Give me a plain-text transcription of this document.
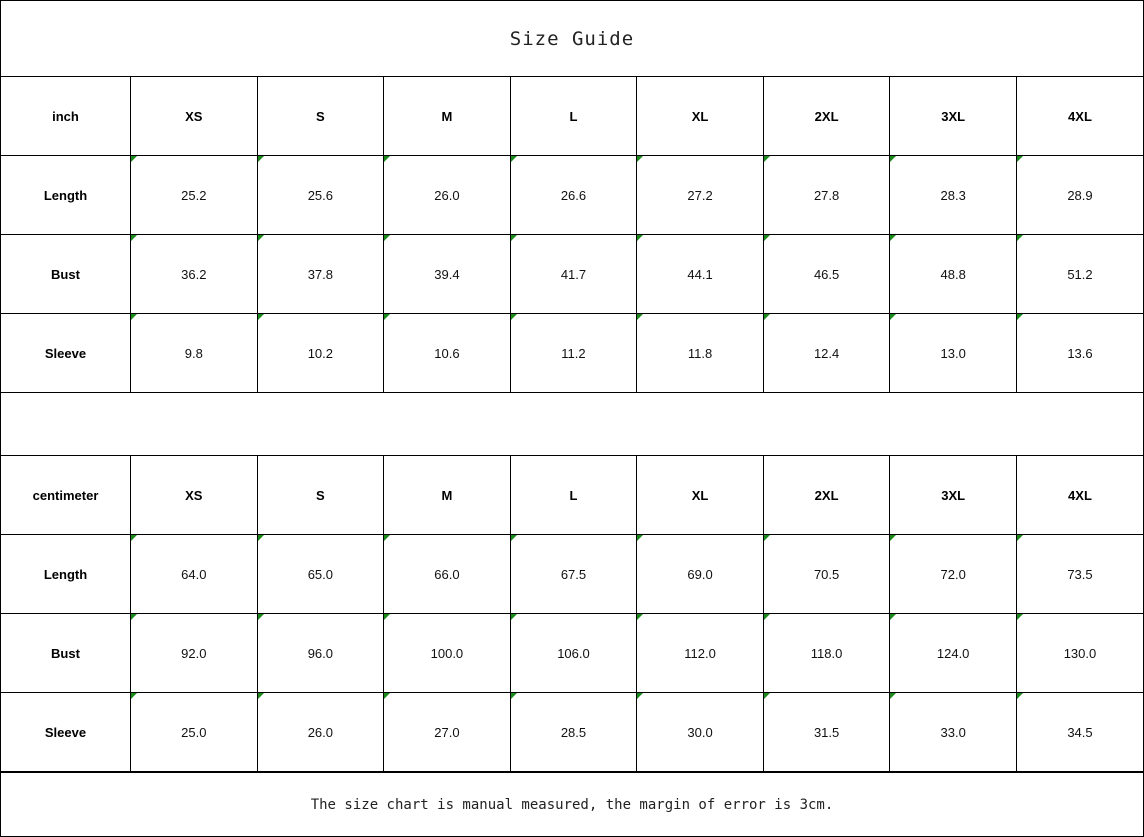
Size Guide
inch	XS	S	M	L	XL	2XL	3XL	4XL
Length	25.2	25.6	26.0	26.6	27.2	27.8	28.3	28.9
Bust	36.2	37.8	39.4	41.7	44.1	46.5	48.8	51.2
Sleeve	9.8	10.2	10.6	11.2	11.8	12.4	13.0	13.6
centimeter	XS	S	M	L	XL	2XL	3XL	4XL
Length	64.0	65.0	66.0	67.5	69.0	70.5	72.0	73.5
Bust	92.0	96.0	100.0	106.0	112.0	118.0	124.0	130.0
Sleeve	25.0	26.0	27.0	28.5	30.0	31.5	33.0	34.5
The size chart is manual measured, the margin of error is 3cm.
